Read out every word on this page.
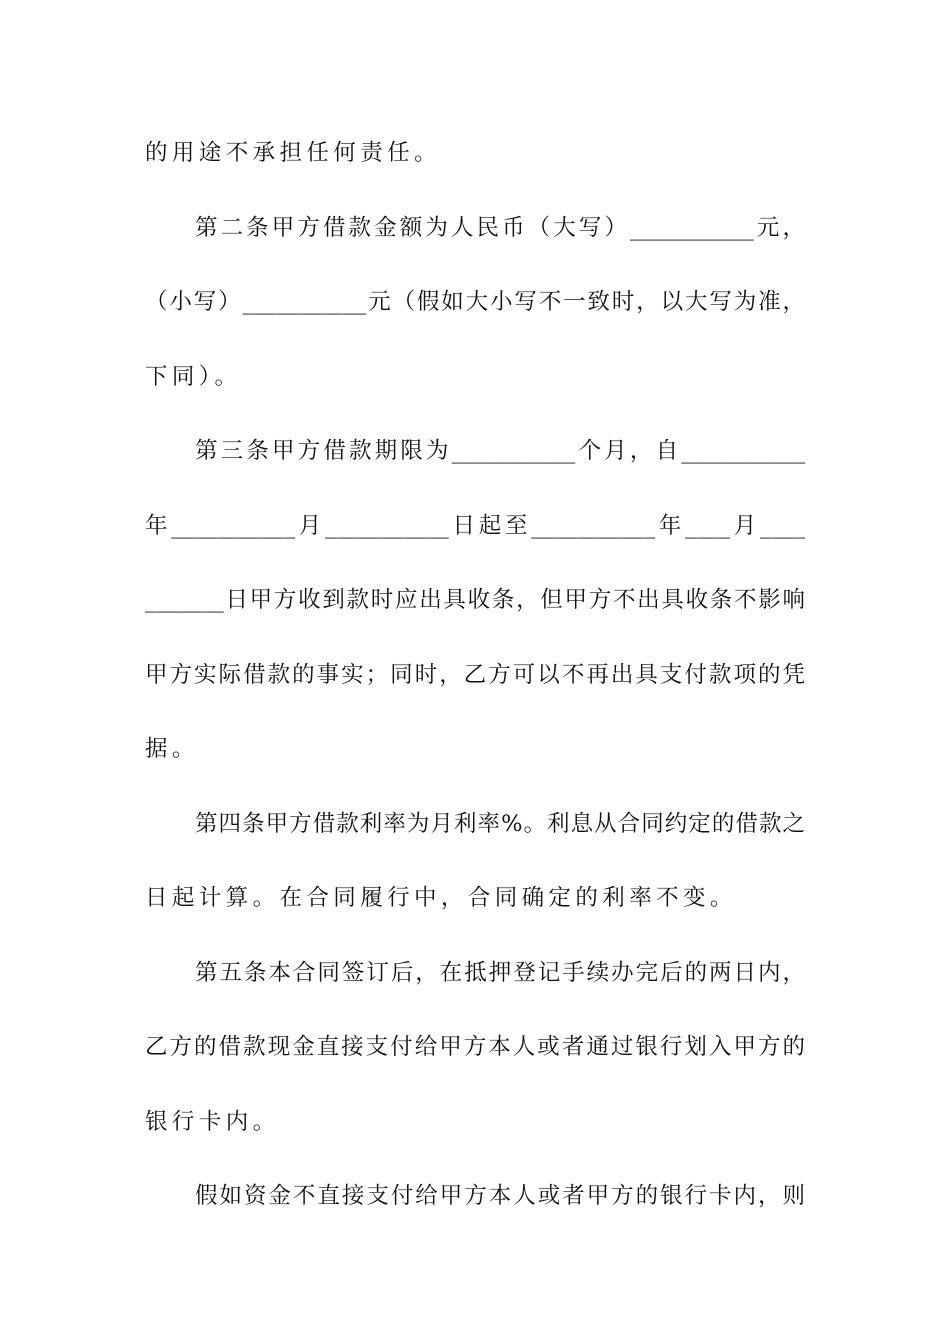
的用途不承担任何责任。
第二条甲方借款金额为人民币（大写）___________元，
（小写）___________元（假如大小写不一致时，以大写为准，
下同）。
第三条甲方借款期限为___________个月，自___________
年___________月___________日起至___________年____月____
_______日甲方收到款时应出具收条，但甲方不出具收条不影响
甲方实际借款的事实；同时，乙方可以不再出具支付款项的凭
据。
第四条甲方借款利率为月利率%。利息从合同约定的借款之
日起计算。在合同履行中，合同确定的利率不变。
第五条本合同签订后，在抵押登记手续办完后的两日内，
乙方的借款现金直接支付给甲方本人或者通过银行划入甲方的
银行卡内。
假如资金不直接支付给甲方本人或者甲方的银行卡内，则
